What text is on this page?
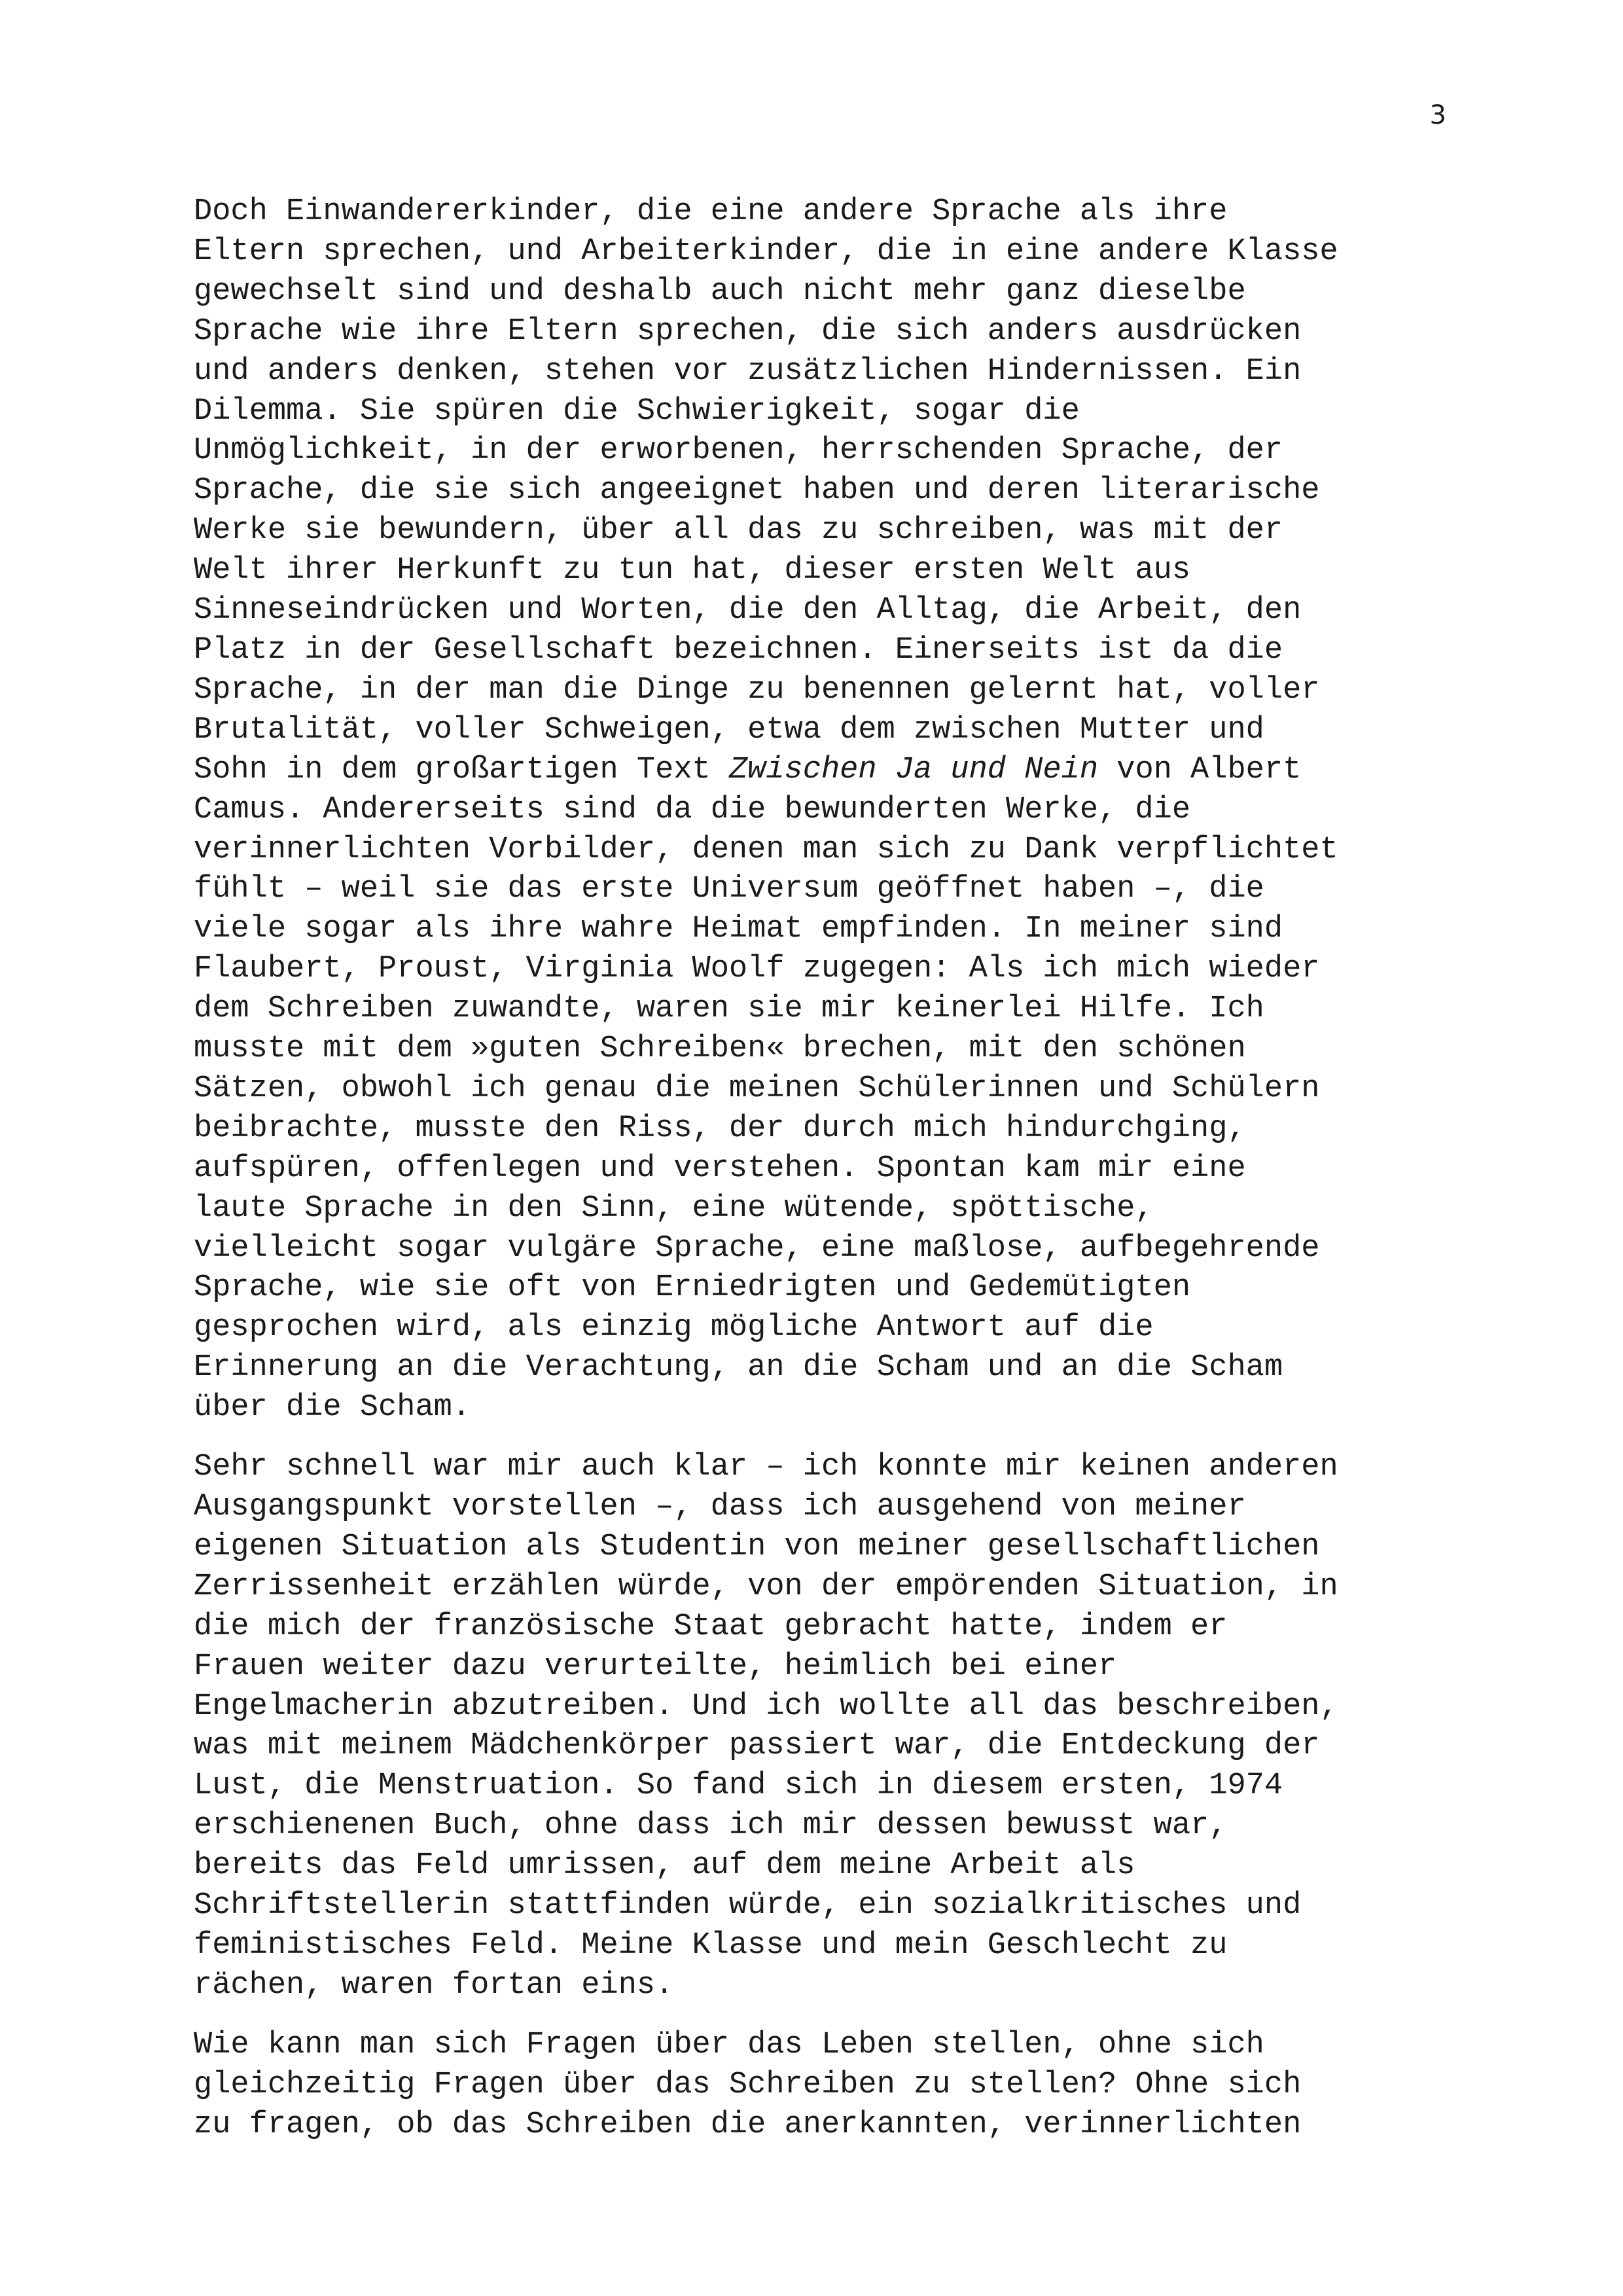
3

Doch Einwandererkinder, die eine andere Sprache als ihre
Eltern sprechen, und Arbeiterkinder, die in eine andere Klasse
gewechselt sind und deshalb auch nicht mehr ganz dieselbe
Sprache wie ihre Eltern sprechen, die sich anders ausdrücken
und anders denken, stehen vor zusätzlichen Hindernissen. Ein
Dilemma. Sie spüren die Schwierigkeit, sogar die
Unmöglichkeit, in der erworbenen, herrschenden Sprache, der
Sprache, die sie sich angeeignet haben und deren literarische
Werke sie bewundern, über all das zu schreiben, was mit der
Welt ihrer Herkunft zu tun hat, dieser ersten Welt aus
Sinneseindrücken und Worten, die den Alltag, die Arbeit, den
Platz in der Gesellschaft bezeichnen. Einerseits ist da die
Sprache, in der man die Dinge zu benennen gelernt hat, voller
Brutalität, voller Schweigen, etwa dem zwischen Mutter und
Sohn in dem großartigen Text Zwischen Ja und Nein von Albert
Camus. Andererseits sind da die bewunderten Werke, die
verinnerlichten Vorbilder, denen man sich zu Dank verpflichtet
fühlt – weil sie das erste Universum geöffnet haben –, die
viele sogar als ihre wahre Heimat empfinden. In meiner sind
Flaubert, Proust, Virginia Woolf zugegen: Als ich mich wieder
dem Schreiben zuwandte, waren sie mir keinerlei Hilfe. Ich
musste mit dem »guten Schreiben« brechen, mit den schönen
Sätzen, obwohl ich genau die meinen Schülerinnen und Schülern
beibrachte, musste den Riss, der durch mich hindurchging,
aufspüren, offenlegen und verstehen. Spontan kam mir eine
laute Sprache in den Sinn, eine wütende, spöttische,
vielleicht sogar vulgäre Sprache, eine maßlose, aufbegehrende
Sprache, wie sie oft von Erniedrigten und Gedemütigten
gesprochen wird, als einzig mögliche Antwort auf die
Erinnerung an die Verachtung, an die Scham und an die Scham
über die Scham.

Sehr schnell war mir auch klar – ich konnte mir keinen anderen
Ausgangspunkt vorstellen –, dass ich ausgehend von meiner
eigenen Situation als Studentin von meiner gesellschaftlichen
Zerrissenheit erzählen würde, von der empörenden Situation, in
die mich der französische Staat gebracht hatte, indem er
Frauen weiter dazu verurteilte, heimlich bei einer
Engelmacherin abzutreiben. Und ich wollte all das beschreiben,
was mit meinem Mädchenkörper passiert war, die Entdeckung der
Lust, die Menstruation. So fand sich in diesem ersten, 1974
erschienenen Buch, ohne dass ich mir dessen bewusst war,
bereits das Feld umrissen, auf dem meine Arbeit als
Schriftstellerin stattfinden würde, ein sozialkritisches und
feministisches Feld. Meine Klasse und mein Geschlecht zu
rächen, waren fortan eins.

Wie kann man sich Fragen über das Leben stellen, ohne sich
gleichzeitig Fragen über das Schreiben zu stellen? Ohne sich
zu fragen, ob das Schreiben die anerkannten, verinnerlichten
